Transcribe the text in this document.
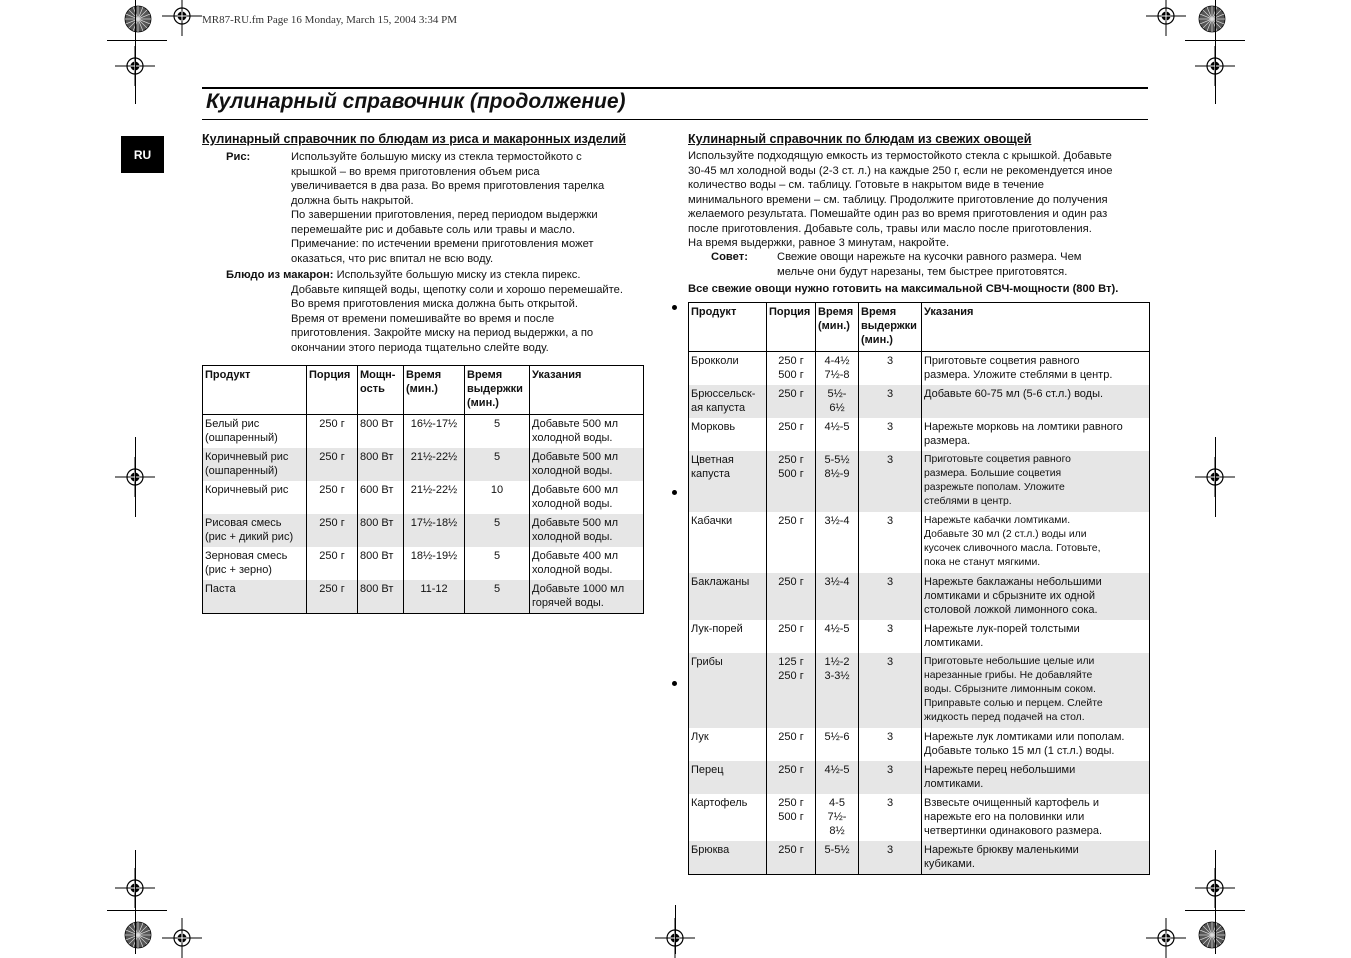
MR87-RU.fm Page 16 Monday, March 15, 2004 3:34 PM
Кулинарный справочник (продолжение)
RU
Кулинарный справочник по блюдам из риса и макаронных изделий
Рис:	Используйте большую миску из стекла термостойкото с
крышкой – во время приготовления объем риса
увеличивается в два раза. Во время приготовления тарелка
должна быть накрытой.
По завершении приготовления, перед периодом выдержки
перемешайте рис и добавьте соль или травы и масло.
Примечание: по истечении времени приготовления может
оказаться, что рис впитал не всю воду.
Блюдо из макарон: Используйте большую миску из стекла пирекс.
Добавьте кипящей воды, щепотку соли и хорошо перемешайте.
Во время приготовления миска должна быть открытой.
Время от времени помешивайте во время и после
приготовления. Закройте миску на период выдержки, а по
окончании этого периода тщательно слейте воду.
Продукт	Порция	Мощн-
ость	Время
(мин.)	Время
выдержки
(мин.)	Указания
Белый рис
(ошпаренный)	250 г	800 Вт	16½-17½	5	Добавьте 500 мл
холодной воды.
Коричневый рис
(ошпаренный)	250 г	800 Вт	21½-22½	5	Добавьте 500 мл
холодной воды.
Коричневый рис	250 г	600 Вт	21½-22½	10	Добавьте 600 мл
холодной воды.
Рисовая смесь
(рис + дикий рис)	250 г	800 Вт	17½-18½	5	Добавьте 500 мл
холодной воды.
Зерновая смесь
(рис + зерно)	250 г	800 Вт	18½-19½	5	Добавьте 400 мл
холодной воды.
Паста	250 г	800 Вт	11-12	5	Добавьте 1000 мл
горячей воды.
Кулинарный справочник по блюдам из свежих овощей
Используйте подходящую емкость из термостойкото стекла с крышкой. Добавьте
30-45 мл холодной воды (2-3 ст. л.) на каждые 250 г, если не рекомендуется иное
количество воды – см. таблицу. Готовьте в накрытом виде в течение
минимального времени – см. таблицу. Продолжите приготовление до получения
желаемого результата. Помешайте один раз во время приготовления и один раз
после приготовления. Добавьте соль, травы или масло после приготовления.
На время выдержки, равное 3 минутам, накройте.
Совет:	Свежие овощи нарежьте на кусочки равного размера. Чем
мельче они будут нарезаны, тем быстрее приготовятся.
Все свежие овощи нужно готовить на максимальной СВЧ-мощности (800 Вт).
Продукт	Порция	Время
(мин.)	Время
выдержки
(мин.)	Указания
Брокколи	250 г
500 г	4-4½
7½-8	3	Приготовьте соцветия равного
размера. Уложите стеблями в центр.
Брюссельск-
ая капуста	250 г	5½-
6½	3	Добавьте 60-75 мл (5-6 ст.л.) воды.
Морковь	250 г	4½-5	3	Нарежьте морковь на ломтики равного
размера.
Цветная
капуста	250 г
500 г	5-5½
8½-9	3	Приготовьте соцветия равного
размера. Большие соцветия
разрежьте пополам. Уложите
стеблями в центр.
Кабачки	250 г	3½-4	3	Нарежьте кабачки ломтиками.
Добавьте 30 мл (2 ст.л.) воды или
кусочек сливочного масла. Готовьте,
пока не станут мягкими.
Баклажаны	250 г	3½-4	3	Нарежьте баклажаны небольшими
ломтиками и сбрызните их одной
столовой ложкой лимонного сока.
Лук-порей	250 г	4½-5	3	Нарежьте лук-порей толстыми
ломтиками.
Грибы	125 г
250 г	1½-2
3-3½	3	Приготовьте небольшие целые или
нарезанные грибы. Не добавляйте
воды. Сбрызните лимонным соком.
Приправьте солью и перцем. Слейте
жидкость перед подачей на стол.
Лук	250 г	5½-6	3	Нарежьте лук ломтиками или пополам.
Добавьте только 15 мл (1 ст.л.) воды.
Перец	250 г	4½-5	3	Нарежьте перец небольшими
ломтиками.
Картофель	250 г
500 г	4-5
7½-
8½	3	Взвесьте очищенный картофель и
нарежьте его на половинки или
четвертинки одинакового размера.
Брюква	250 г	5-5½	3	Нарежьте брюкву маленькими
кубиками.
